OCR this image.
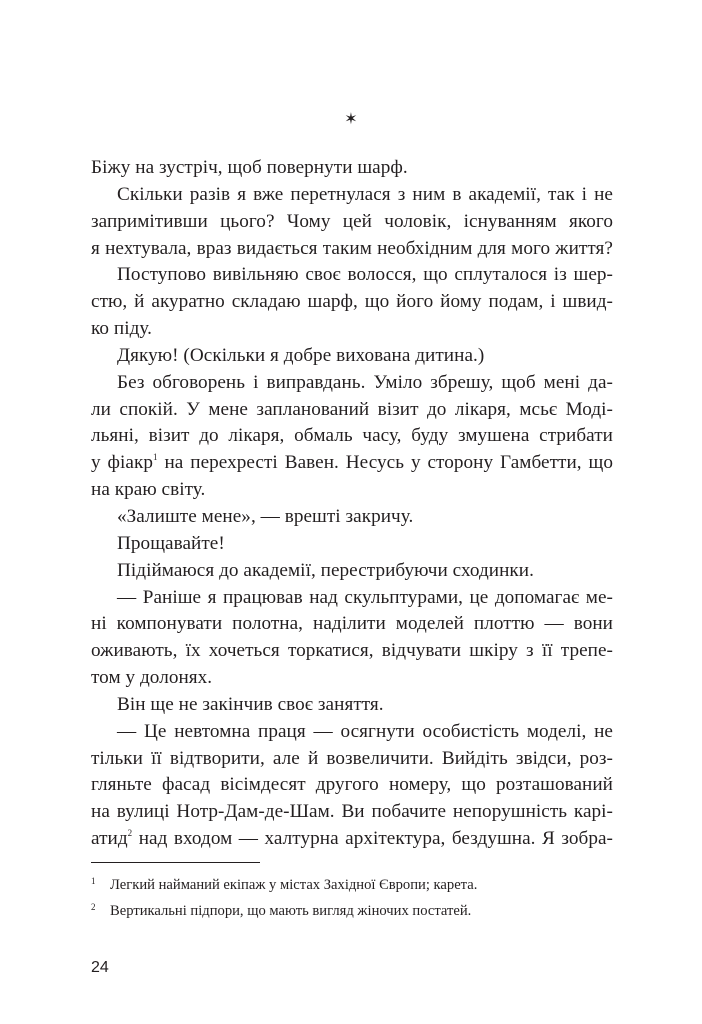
✶
Біжу на зустріч, щоб повернути шарф.
Скільки разів я вже перетнулася з ним в академії, так і не
запримітивши цього? Чому цей чоловік, існуванням якого
я нехтувала, враз видається таким необхідним для мого життя?
Поступово вивільняю своє волосся, що сплуталося із шер-
стю, й акуратно складаю шарф, що його йому подам, і швид-
ко піду.
Дякую! (Оскільки я добре вихована дитина.)
Без обговорень і виправдань. Уміло збрешу, щоб мені да-
ли спокій. У мене запланований візит до лікаря, мсьє Моді-
льяні, візит до лікаря, обмаль часу, буду змушена стрибати
у фіакр$^1$ на перехресті Вавен. Несусь у сторону Гамбетти, що
на краю світу.
«Залиште мене», — врешті закричу.
Прощавайте!
Підіймаюся до академії, перестрибуючи сходинки.
— Раніше я працював над скульптурами, це допомагає ме-
ні компонувати полотна, наділити моделей плоттю — вони
оживають, їх хочеться торкатися, відчувати шкіру з її трепе-
том у долонях.
Він ще не закінчив своє заняття.
— Це невтомна праця — осягнути особистість моделі, не
тільки її відтворити, але й возвеличити. Вийдіть звідси, роз-
гляньте фасад вісімдесят другого номеру, що розташований
на вулиці Нотр-Дам-де-Шам. Ви побачите непорушність карі-
атид$^2$ над входом — халтурна архітектура, бездушна. Я зобра-
1 Легкий найманий екіпаж у містах Західної Європи; карета.
2 Вертикальні підпори, що мають вигляд жіночих постатей.
24
